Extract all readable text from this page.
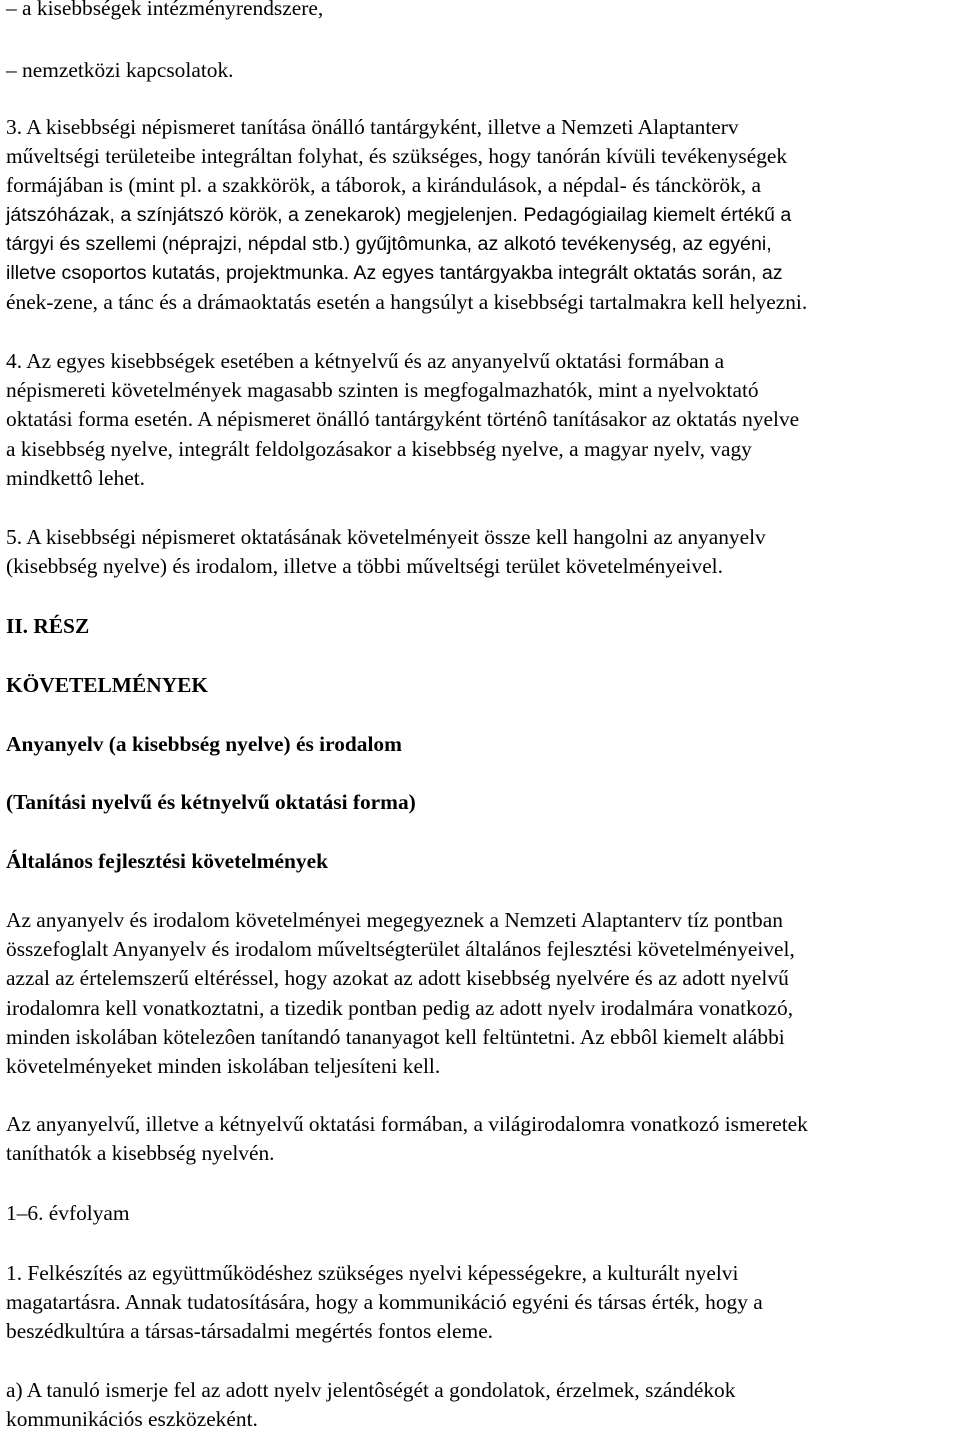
– a kisebbségek intézményrendszere,
– nemzetközi kapcsolatok.
3. A kisebbségi népismeret tanítása önálló tantárgyként, illetve a Nemzeti Alaptanterv
műveltségi területeibe integráltan folyhat, és szükséges, hogy tanórán kívüli tevékenységek
formájában is (mint pl. a szakkörök, a táborok, a kirándulások, a népdal- és tánckörök, a
játszóházak, a színjátszó körök, a zenekarok) megjelenjen. Pedagógiailag kiemelt értékű a
tárgyi és szellemi (néprajzi, népdal stb.) gyűjtômunka, az alkotó tevékenység, az egyéni,
illetve csoportos kutatás, projektmunka. Az egyes tantárgyakba integrált oktatás során, az
ének-zene, a tánc és a drámaoktatás esetén a hangsúlyt a kisebbségi tartalmakra kell helyezni.
4. Az egyes kisebbségek esetében a kétnyelvű és az anyanyelvű oktatási formában a
népismereti követelmények magasabb szinten is megfogalmazhatók, mint a nyelvoktató
oktatási forma esetén. A népismeret önálló tantárgyként történô tanításakor az oktatás nyelve
a kisebbség nyelve, integrált feldolgozásakor a kisebbség nyelve, a magyar nyelv, vagy
mindkettô lehet.
5. A kisebbségi népismeret oktatásának követelményeit össze kell hangolni az anyanyelv
(kisebbség nyelve) és irodalom, illetve a többi műveltségi terület követelményeivel.
II. RÉSZ
KÖVETELMÉNYEK
Anyanyelv (a kisebbség nyelve) és irodalom
(Tanítási nyelvű és kétnyelvű oktatási forma)
Általános fejlesztési követelmények
Az anyanyelv és irodalom követelményei megegyeznek a Nemzeti Alaptanterv tíz pontban
összefoglalt Anyanyelv és irodalom műveltségterület általános fejlesztési követelményeivel,
azzal az értelemszerű eltéréssel, hogy azokat az adott kisebbség nyelvére és az adott nyelvű
irodalomra kell vonatkoztatni, a tizedik pontban pedig az adott nyelv irodalmára vonatkozó,
minden iskolában kötelezôen tanítandó tananyagot kell feltüntetni. Az ebbôl kiemelt alábbi
követelményeket minden iskolában teljesíteni kell.
Az anyanyelvű, illetve a kétnyelvű oktatási formában, a világirodalomra vonatkozó ismeretek
taníthatók a kisebbség nyelvén.
1–6. évfolyam
1. Felkészítés az együttműködéshez szükséges nyelvi képességekre, a kulturált nyelvi
magatartásra. Annak tudatosítására, hogy a kommunikáció egyéni és társas érték, hogy a
beszédkultúra a társas-társadalmi megértés fontos eleme.
a) A tanuló ismerje fel az adott nyelv jelentôségét a gondolatok, érzelmek, szándékok
kommunikációs eszközeként.
